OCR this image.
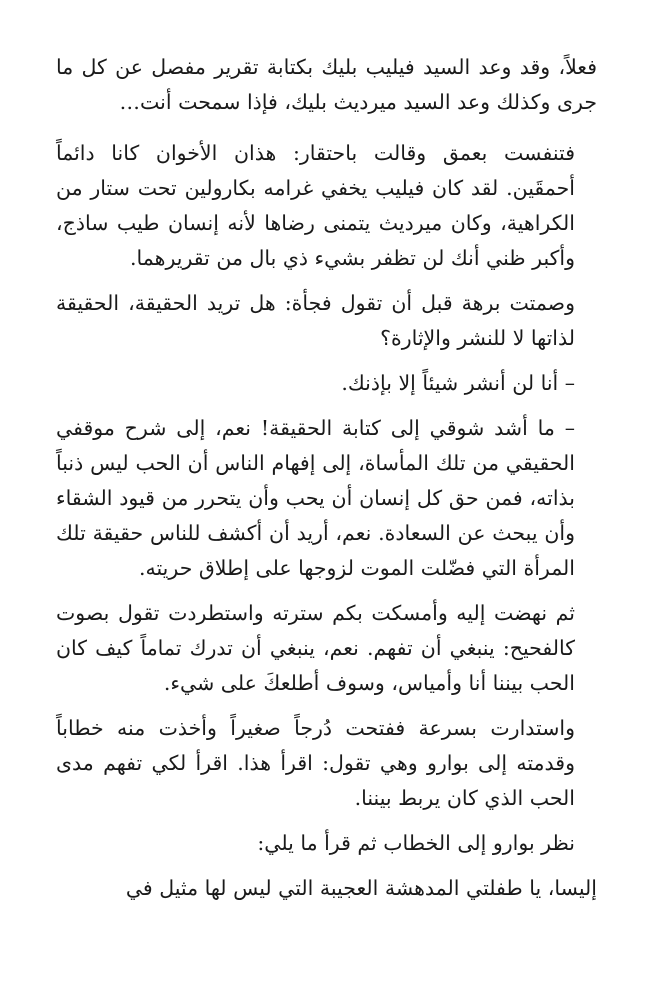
فعلاً، وقد وعد السيد فيليب بليك بكتابة تقرير مفصل عن كل ما جرى وكذلك وعد السيد ميرديث بليك، فإذا سمحت أنت…

فتنفست بعمق وقالت باحتقار: هذان الأخوان كانا دائماً أحمقَين. لقد كان فيليب يخفي غرامه بكارولين تحت ستار من الكراهية، وكان ميرديث يتمنى رضاها لأنه إنسان طيب ساذج، وأكبر ظني أنك لن تظفر بشيء ذي بال من تقريرهما.

وصمتت برهة قبل أن تقول فجأة: هل تريد الحقيقة، الحقيقة لذاتها لا للنشر والإثارة؟

– أنا لن أنشر شيئاً إلا بإذنك.

– ما أشد شوقي إلى كتابة الحقيقة! نعم، إلى شرح موقفي الحقيقي من تلك المأساة، إلى إفهام الناس أن الحب ليس ذنباً بذاته، فمن حق كل إنسان أن يحب وأن يتحرر من قيود الشقاء وأن يبحث عن السعادة. نعم، أريد أن أكشف للناس حقيقة تلك المرأة التي فضّلت الموت لزوجها على إطلاق حريته.

ثم نهضت إليه وأمسكت بكم سترته واستطردت تقول بصوت كالفحيح: ينبغي أن تفهم. نعم، ينبغي أن تدرك تماماً كيف كان الحب بيننا أنا وأمياس، وسوف أطلعكَ على شيء.

واستدارت بسرعة ففتحت دُرجاً صغيراً وأخذت منه خطاباً وقدمته إلى بوارو وهي تقول: اقرأ هذا. اقرأ لكي تفهم مدى الحب الذي كان يربط بيننا.

نظر بوارو إلى الخطاب ثم قرأ ما يلي:

إليسا، يا طفلتي المدهشة العجيبة التي ليس لها مثيل في
